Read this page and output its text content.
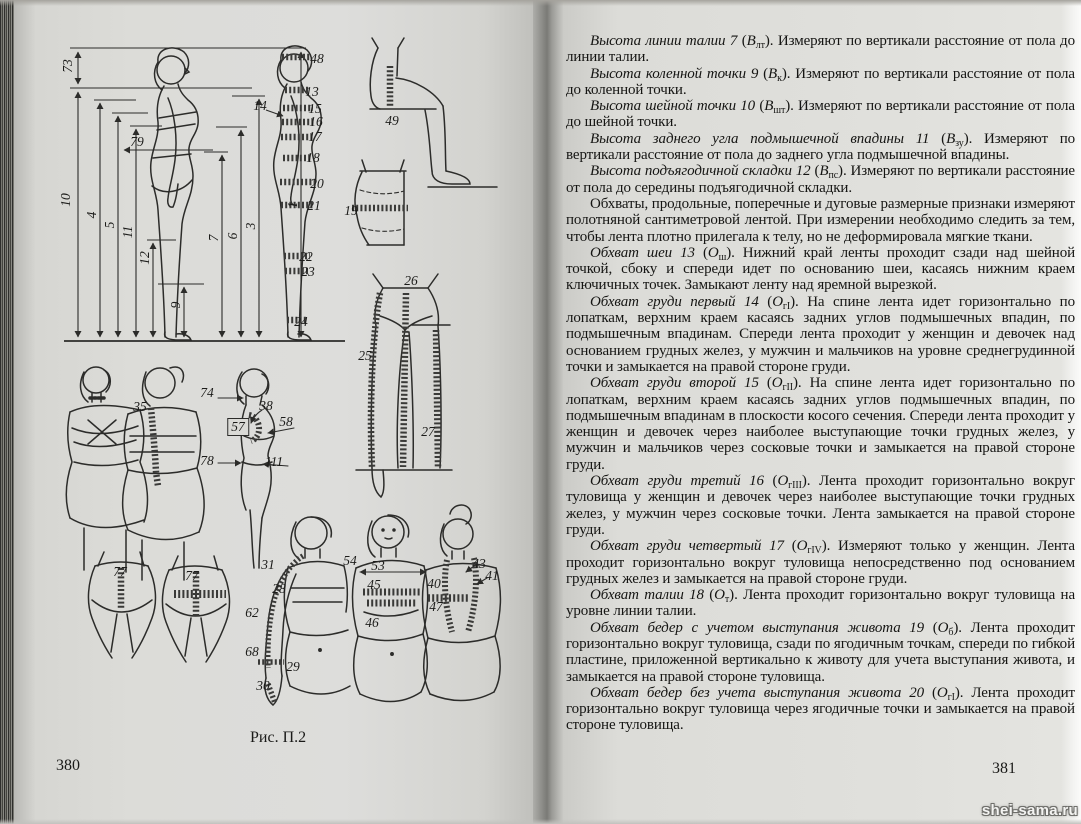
73
10
4
5
11
12
9
79
7 6
3
1
48
13
14	15
16
17
18
20
21
22
23
24
49
19
26
25
27
35
74
38
57	58
78	111
77	77
31
28
62
68
29
30
54 53
45
46
43
41
40
47
Рис. П.2
380

Высота линии талии 7 $(В_{лт})$. Измеряют по вертикали расстояние от пола до линии талии.

Высота коленной точки 9 $(В_к)$. Измеряют по вертикали расстояние от пола до коленной точки.

Высота шейной точки 10 $(В_{шт})$. Измеряют по вертикали расстояние от пола до шейной точки.

Высота заднего угла подмышечной впадины 11 $(В_{зу})$. Измеряют по вертикали расстояние от пола до заднего угла подмышечной впадины.

Высота подъягодичной складки 12 $(В_{пс})$. Измеряют по вертикали расстояние от пола до середины подъягодичной складки.

Обхваты, продольные, поперечные и дуговые размерные признаки измеряют полотняной сантиметровой лентой. При измерении необходимо следить за тем, чтобы лента плотно прилегала к телу, но не деформировала мягкие ткани.

Обхват шеи 13 $(О_ш)$. Нижний край ленты проходит сзади над шейной точкой, сбоку и спереди идет по основанию шеи, касаясь нижним краем ключичных точек. Замыкают ленту над яремной вырезкой.

Обхват груди первый 14 $(О_{гI})$. На спине лента идет горизонтально по лопаткам, верхним краем касаясь задних углов подмышечных впадин, по подмышечным впадинам. Спереди лента проходит у женщин и девочек над основанием грудных желез, у мужчин и мальчиков на уровне среднегрудинной точки и замыкается на правой стороне груди.

Обхват груди второй 15 $(О_{гII})$. На спине лента идет горизонтально по лопаткам, верхним краем касаясь задних углов подмышечных впадин, по подмышечным впадинам в плоскости косого сечения. Спереди лента проходит у женщин и девочек через наиболее выступающие точки грудных желез, у мужчин и мальчиков через сосковые точки и замыкается на правой стороне груди.

Обхват груди третий 16 $(О_{гIII})$. Лента проходит горизонтально вокруг туловища у женщин и девочек через наиболее выступающие точки грудных желез, у мужчин через сосковые точки. Лента замыкается на правой стороне груди.

Обхват груди четвертый 17 $(О_{гIV})$. Измеряют только у женщин. Лента проходит горизонтально вокруг туловища непосредственно под основанием грудных желез и замыкается на правой стороне груди.

Обхват талии 18 $(О_т)$. Лента проходит горизонтально вокруг туловища на уровне линии талии.

Обхват бедер с учетом выступания живота 19 $(О_б)$. Лента проходит горизонтально вокруг туловища, сзади по ягодичным точкам, спереди по гибкой пластине, приложенной вертикально к животу для учета выступания живота, и замыкается на правой стороне туловища.

Обхват бедер без учета выступания живота 20 $(О_{гI})$. Лента проходит горизонтально вокруг туловища через ягодичные точки и замыкается на правой стороне туловища.

381
shei-sama.ru
